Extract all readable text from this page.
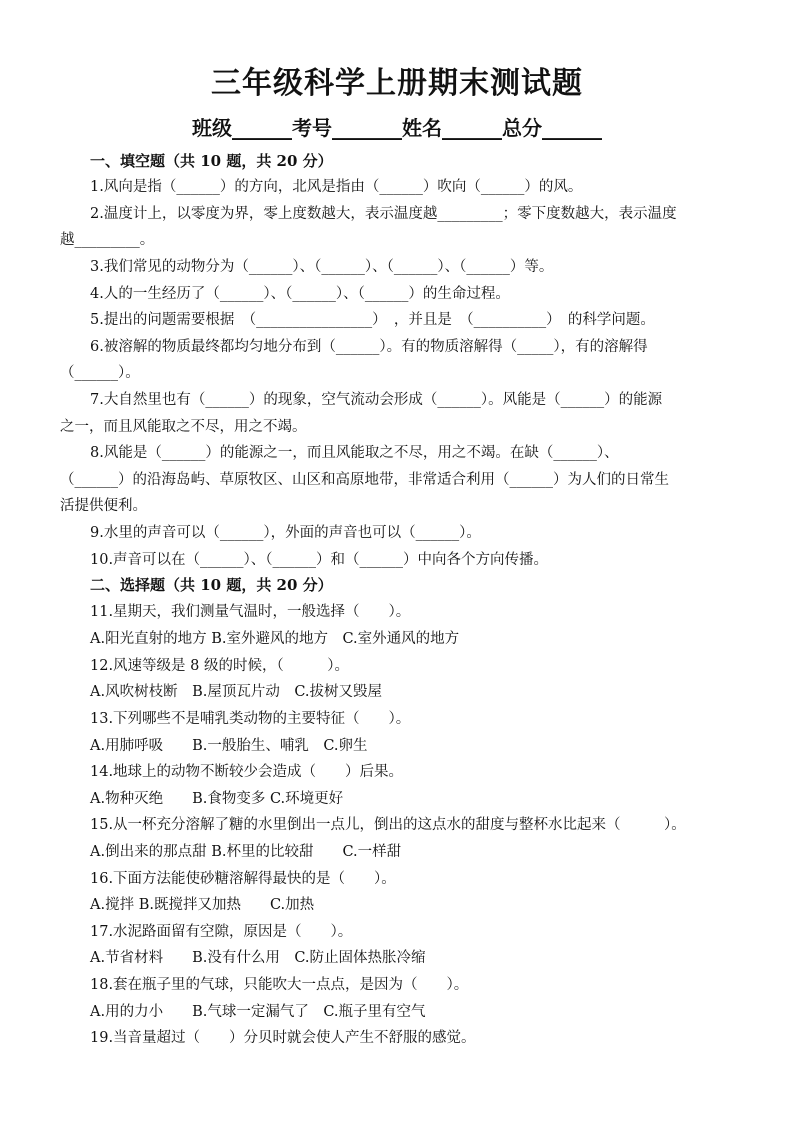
三年级科学上册期末测试题
班级______考号_______姓名______总分______
一、填空题（共 10 题，共 20 分）
1.风向是指（______）的方向，北风是指由（______）吹向（______）的风。
2.温度计上，以零度为界，零上度数越大，表示温度越_________；零下度数越大，表示温度
越_________。
3.我们常见的动物分为（______）、（______）、（______）、（______）等。
4.人的一生经历了（______）、（______）、（______）的生命过程。
5.提出的问题需要根据　（________________）　，并且是　（__________）　的科学问题。
6.被溶解的物质最终都均匀地分布到（______）。有的物质溶解得（_____），有的溶解得
（______）。
7.大自然里也有（______）的现象，空气流动会形成（______）。风能是（______）的能源
之一，而且风能取之不尽，用之不竭。
8.风能是（______）的能源之一，而且风能取之不尽，用之不竭。在缺（______）、
（______）的沿海岛屿、草原牧区、山区和高原地带，非常适合利用（______）为人们的日常生
活提供便利。
9.水里的声音可以（______），外面的声音也可以（______）。
10.声音可以在（______）、（______）和（______）中向各个方向传播。
二、选择题（共 10 题，共 20 分）
11.星期天，我们测量气温时，一般选择（　　）。
A.阳光直射的地方 B.室外避风的地方　C.室外通风的地方
12.风速等级是 8 级的时候，（　　　）。
A.风吹树枝断　B.屋顶瓦片动　C.拔树又毁屋
13.下列哪些不是哺乳类动物的主要特征（　　）。
A.用肺呼吸　　B.一般胎生、哺乳　C.卵生
14.地球上的动物不断较少会造成（　　）后果。
A.物种灭绝　　B.食物变多 C.环境更好
15.从一杯充分溶解了糖的水里倒出一点儿，倒出的这点水的甜度与整杯水比起来（　　　）。
A.倒出来的那点甜 B.杯里的比较甜　　C.一样甜
16.下面方法能使砂糖溶解得最快的是（　　）。
A.搅拌 B.既搅拌又加热　　C.加热
17.水泥路面留有空隙，原因是（　　）。
A.节省材料　　B.没有什么用　C.防止固体热胀冷缩
18.套在瓶子里的气球，只能吹大一点点，是因为（　　）。
A.用的力小　　B.气球一定漏气了　C.瓶子里有空气
19.当音量超过（　　）分贝时就会使人产生不舒服的感觉。
